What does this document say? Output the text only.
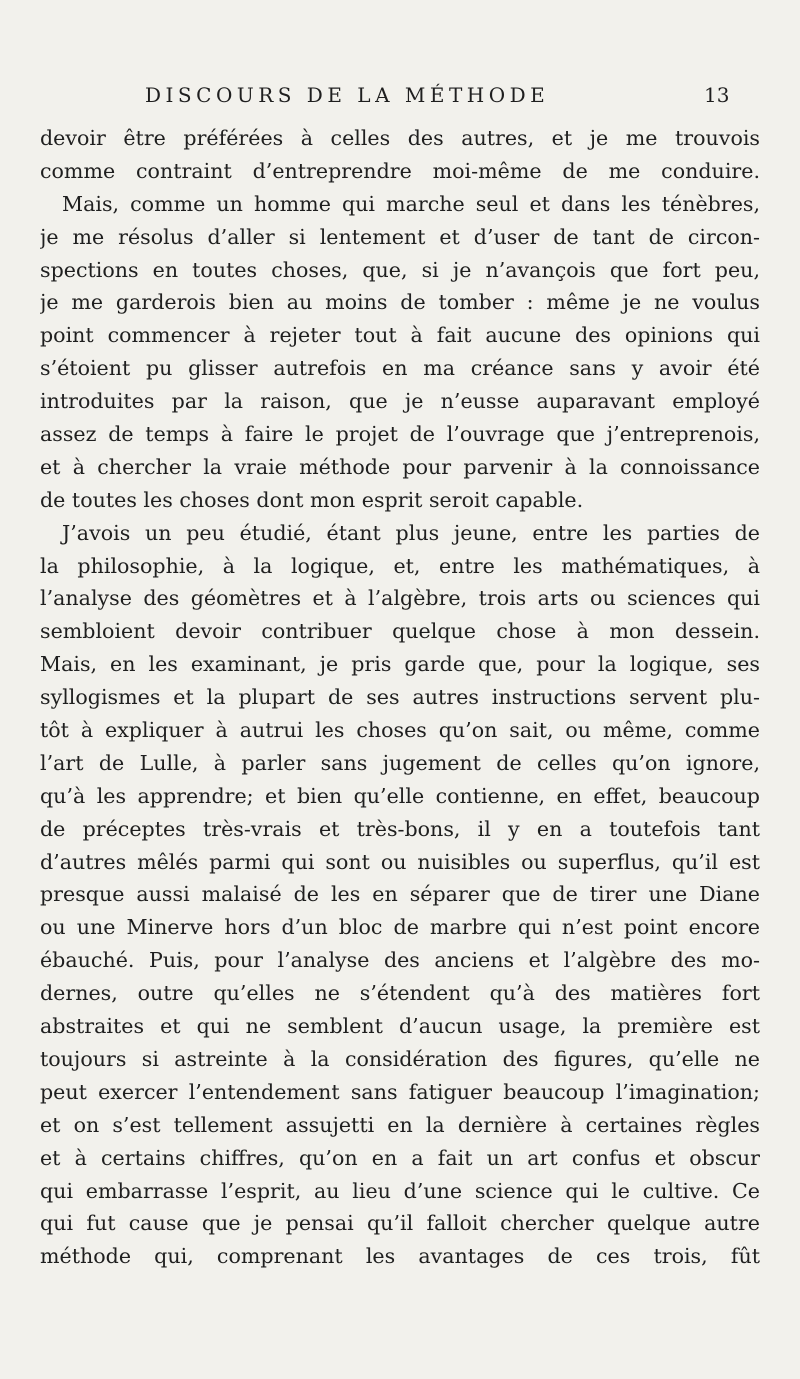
DISCOURS DE LA MÉTHODE	13
devoir être préférées à celles des autres, et je me trouvois
comme contraint d’entreprendre moi-même de me conduire.
Mais, comme un homme qui marche seul et dans les ténèbres,
je me résolus d’aller si lentement et d’user de tant de circon-
spections en toutes choses, que, si je n’avançois que fort peu,
je me garderois bien au moins de tomber : même je ne voulus
point commencer à rejeter tout à fait aucune des opinions qui
s’étoient pu glisser autrefois en ma créance sans y avoir été
introduites par la raison, que je n’eusse auparavant employé
assez de temps à faire le projet de l’ouvrage que j’entreprenois,
et à chercher la vraie méthode pour parvenir à la connoissance
de toutes les choses dont mon esprit seroit capable.
J’avois un peu étudié, étant plus jeune, entre les parties de
la philosophie, à la logique, et, entre les mathématiques, à
l’analyse des géomètres et à l’algèbre, trois arts ou sciences qui
sembloient devoir contribuer quelque chose à mon dessein.
Mais, en les examinant, je pris garde que, pour la logique, ses
syllogismes et la plupart de ses autres instructions servent plu-
tôt à expliquer à autrui les choses qu’on sait, ou même, comme
l’art de Lulle, à parler sans jugement de celles qu’on ignore,
qu’à les apprendre; et bien qu’elle contienne, en effet, beaucoup
de préceptes très-vrais et très-bons, il y en a toutefois tant
d’autres mêlés parmi qui sont ou nuisibles ou superflus, qu’il est
presque aussi malaisé de les en séparer que de tirer une Diane
ou une Minerve hors d’un bloc de marbre qui n’est point encore
ébauché. Puis, pour l’analyse des anciens et l’algèbre des mo-
dernes, outre qu’elles ne s’étendent qu’à des matières fort
abstraites et qui ne semblent d’aucun usage, la première est
toujours si astreinte à la considération des figures, qu’elle ne
peut exercer l’entendement sans fatiguer beaucoup l’imagination;
et on s’est tellement assujetti en la dernière à certaines règles
et à certains chiffres, qu’on en a fait un art confus et obscur
qui embarrasse l’esprit, au lieu d’une science qui le cultive. Ce
qui fut cause que je pensai qu’il falloit chercher quelque autre
méthode qui, comprenant les avantages de ces trois, fût
